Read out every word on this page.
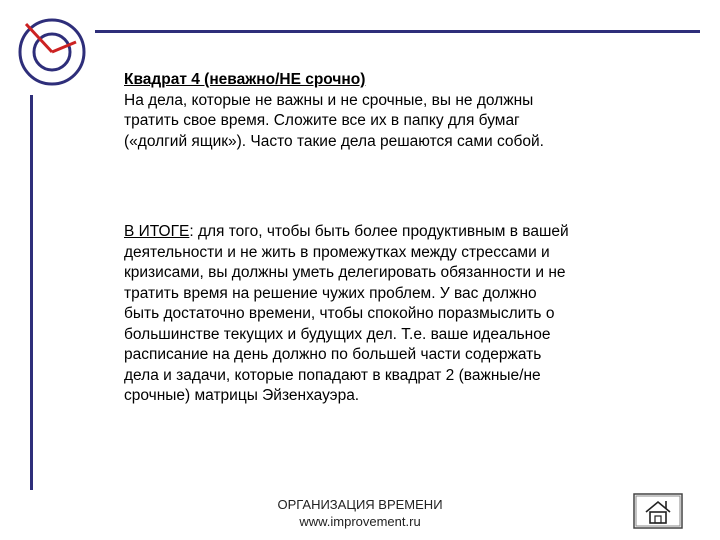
Квадрат 4 (неважно/НЕ срочно)
На дела, которые не важны и не срочные, вы не должны
тратить свое время. Сложите все их в папку для бумаг
(«долгий ящик»). Часто такие дела решаются сами собой.
В ИТОГЕ: для того, чтобы быть более продуктивным в вашей
деятельности и не жить в промежутках между стрессами и
кризисами, вы должны уметь делегировать обязанности и не
тратить время на решение чужих проблем. У вас должно
быть достаточно времени, чтобы спокойно поразмыслить о
большинстве текущих и будущих дел. Т.е. ваше идеальное
расписание на день должно по большей части содержать
дела и задачи, которые попадают в квадрат 2 (важные/не
срочные) матрицы Эйзенхауэра.
ОРГАНИЗАЦИЯ ВРЕМЕНИ
www.improvement.ru
